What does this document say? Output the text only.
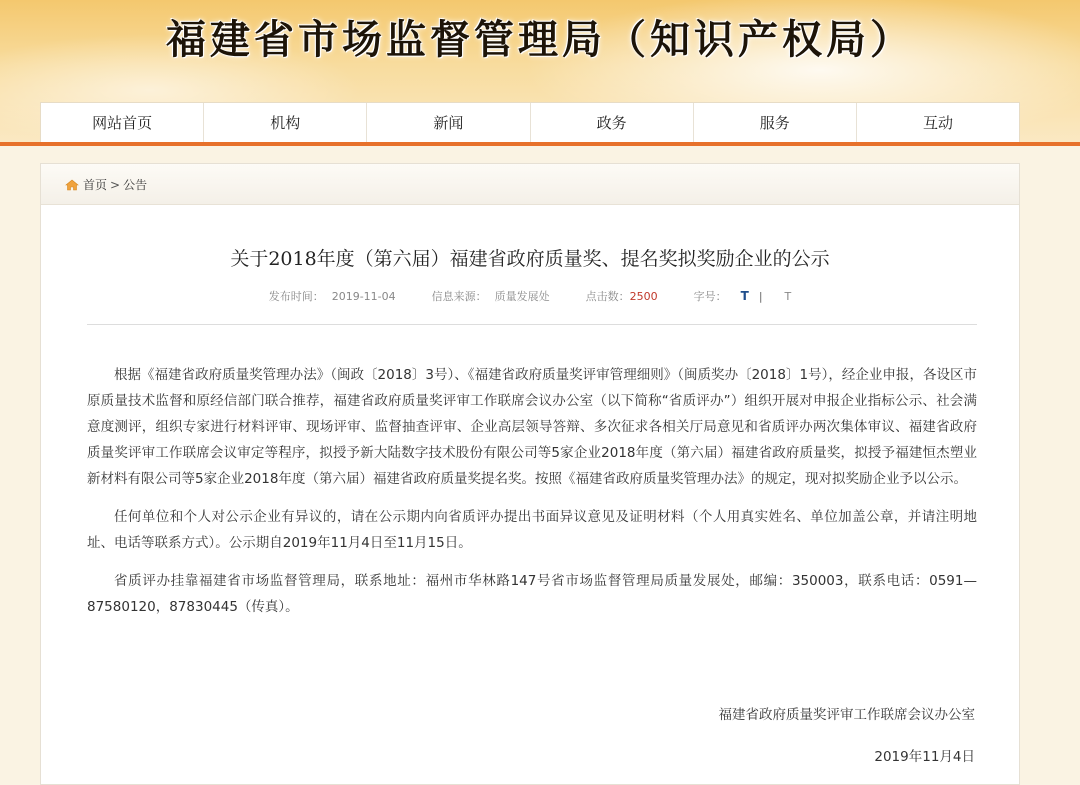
福建省市场监督管理局（知识产权局）
网站首页	机构	新闻	政务	服务	互动
首页 > 公告
关于2018年度（第六届）福建省政府质量奖、提名奖拟奖励企业的公示
发布时间： 2019-11-04	信息来源： 质量发展处	点击数： 2500	字号： T | T

根据《福建省政府质量奖管理办法》（闽政〔2018〕3号）、《福建省政府质量奖评审管理细则》（闽质奖办〔2018〕1号），经企业申报，各设区市原质量技术监督和原经信部门联合推荐，福建省政府质量奖评审工作联席会议办公室（以下简称“省质评办”）组织开展对申报企业指标公示、社会满意度测评，组织专家进行材料评审、现场评审、监督抽查评审、企业高层领导答辩、多次征求各相关厅局意见和省质评办两次集体审议、福建省政府质量奖评审工作联席会议审定等程序，拟授予新大陆数字技术股份有限公司等5家企业2018年度（第六届）福建省政府质量奖，拟授予福建恒杰塑业新材料有限公司等5家企业2018年度（第六届）福建省政府质量奖提名奖。按照《福建省政府质量奖管理办法》的规定，现对拟奖励企业予以公示。

任何单位和个人对公示企业有异议的，请在公示期内向省质评办提出书面异议意见及证明材料（个人用真实姓名、单位加盖公章，并请注明地址、电话等联系方式）。公示期自2019年11月4日至11月15日。

省质评办挂靠福建省市场监督管理局，联系地址：福州市华林路147号省市场监督管理局质量发展处，邮编：350003，联系电话：0591—87580120，87830445（传真）。

福建省政府质量奖评审工作联席会议办公室
2019年11月4日
